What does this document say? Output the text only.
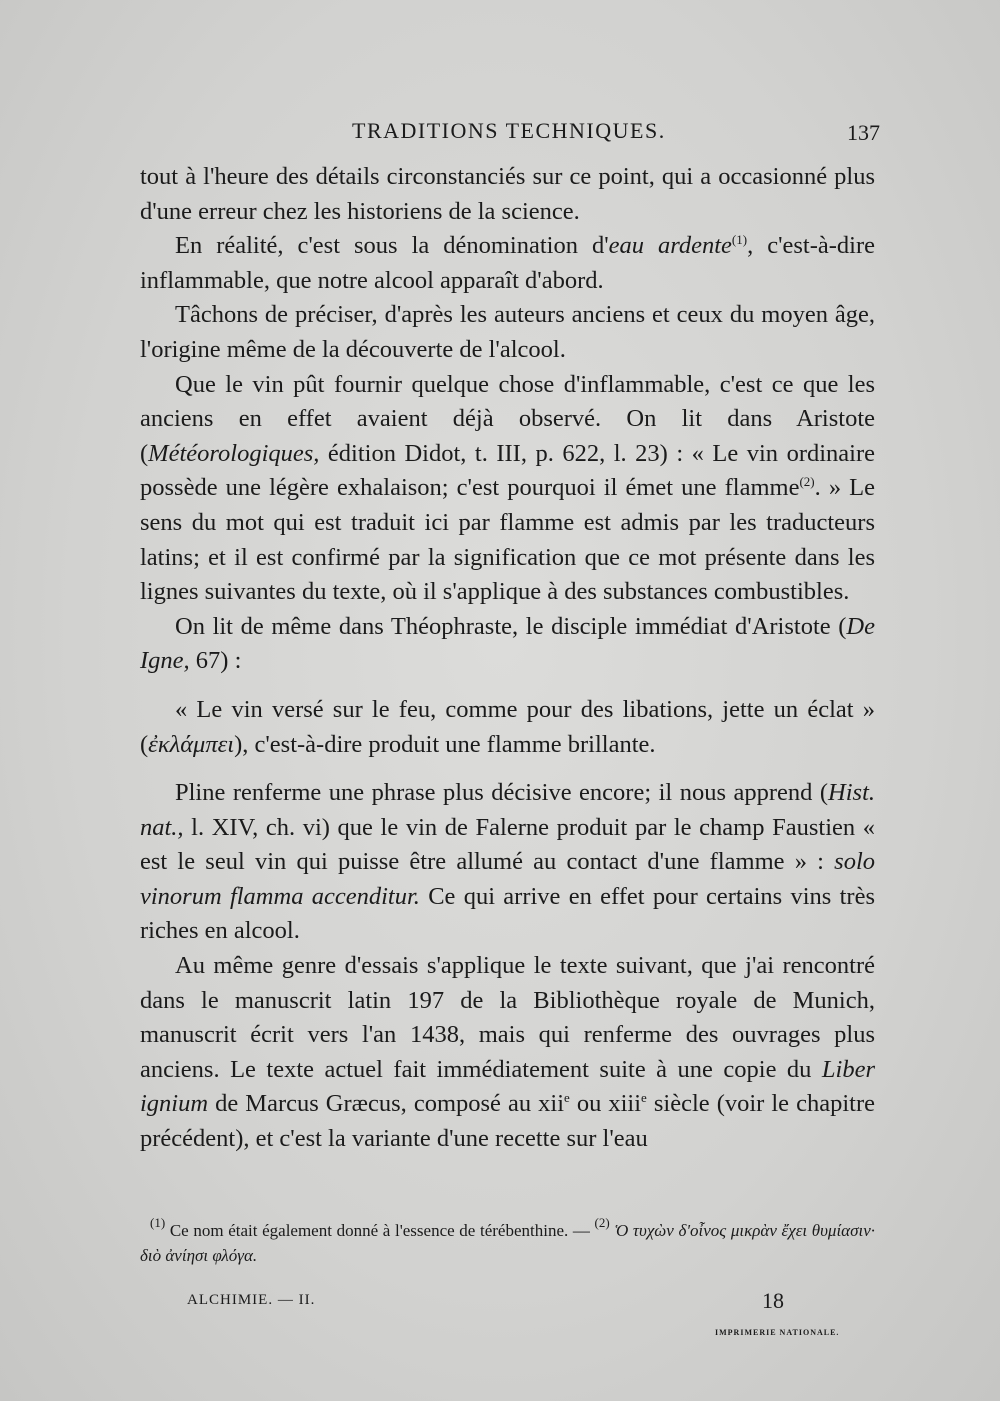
TRADITIONS TECHNIQUES.	137

tout à l'heure des détails circonstanciés sur ce point, qui a occasionné plus d'une erreur chez les historiens de la science.

En réalité, c'est sous la dénomination d'eau ardente$^{(1)}$, c'est-à-dire inflammable, que notre alcool apparaît d'abord.

Tâchons de préciser, d'après les auteurs anciens et ceux du moyen âge, l'origine même de la découverte de l'alcool.

Que le vin pût fournir quelque chose d'inflammable, c'est ce que les anciens en effet avaient déjà observé. On lit dans Aristote (Météorologiques, édition Didot, t. III, p. 622, l. 23) : « Le vin ordinaire possède une légère exhalaison; c'est pourquoi il émet une flamme$^{(2)}$. » Le sens du mot qui est traduit ici par flamme est admis par les traducteurs latins; et il est confirmé par la signification que ce mot présente dans les lignes suivantes du texte, où il s'applique à des substances combustibles.

On lit de même dans Théophraste, le disciple immédiat d'Aristote (De Igne, 67) :

« Le vin versé sur le feu, comme pour des libations, jette un éclat » (ἐκλάμπει), c'est-à-dire produit une flamme brillante.

Pline renferme une phrase plus décisive encore; il nous apprend (Hist. nat., l. XIV, ch. vi) que le vin de Falerne produit par le champ Faustien « est le seul vin qui puisse être allumé au contact d'une flamme » : solo vinorum flamma accenditur. Ce qui arrive en effet pour certains vins très riches en alcool.

Au même genre d'essais s'applique le texte suivant, que j'ai rencontré dans le manuscrit latin 197 de la Bibliothèque royale de Munich, manuscrit écrit vers l'an 1438, mais qui renferme des ouvrages plus anciens. Le texte actuel fait immédiatement suite à une copie du Liber ignium de Marcus Græcus, composé au xii$^e$ ou xiii$^e$ siècle (voir le chapitre précédent), et c'est la variante d'une recette sur l'eau

$^{(1)}$ Ce nom était également donné à l'essence de térébenthine. — $^{(2)}$ Ὁ τυχὼν δ'οἶνος μικρὰν ἔχει θυμίασιν· διὸ ἀνίησι φλόγα.

ALCHIMIE. — II.	18
IMPRIMERIE NATIONALE.
